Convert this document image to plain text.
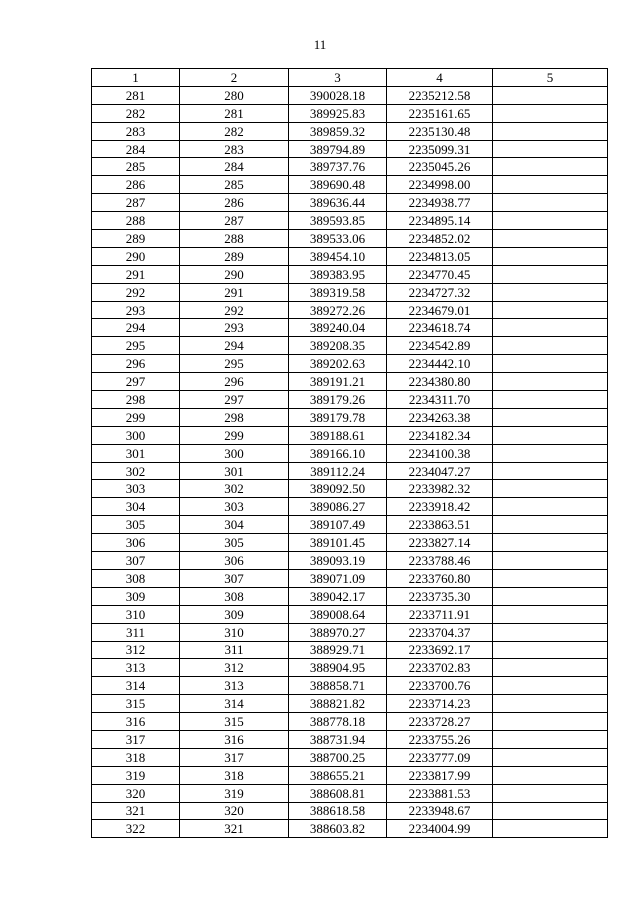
11
1	2	3	4	5
281	280	390028.18	2235212.58	
282	281	389925.83	2235161.65	
283	282	389859.32	2235130.48	
284	283	389794.89	2235099.31	
285	284	389737.76	2235045.26	
286	285	389690.48	2234998.00	
287	286	389636.44	2234938.77	
288	287	389593.85	2234895.14	
289	288	389533.06	2234852.02	
290	289	389454.10	2234813.05	
291	290	389383.95	2234770.45	
292	291	389319.58	2234727.32	
293	292	389272.26	2234679.01	
294	293	389240.04	2234618.74	
295	294	389208.35	2234542.89	
296	295	389202.63	2234442.10	
297	296	389191.21	2234380.80	
298	297	389179.26	2234311.70	
299	298	389179.78	2234263.38	
300	299	389188.61	2234182.34	
301	300	389166.10	2234100.38	
302	301	389112.24	2234047.27	
303	302	389092.50	2233982.32	
304	303	389086.27	2233918.42	
305	304	389107.49	2233863.51	
306	305	389101.45	2233827.14	
307	306	389093.19	2233788.46	
308	307	389071.09	2233760.80	
309	308	389042.17	2233735.30	
310	309	389008.64	2233711.91	
311	310	388970.27	2233704.37	
312	311	388929.71	2233692.17	
313	312	388904.95	2233702.83	
314	313	388858.71	2233700.76	
315	314	388821.82	2233714.23	
316	315	388778.18	2233728.27	
317	316	388731.94	2233755.26	
318	317	388700.25	2233777.09	
319	318	388655.21	2233817.99	
320	319	388608.81	2233881.53	
321	320	388618.58	2233948.67	
322	321	388603.82	2234004.99	
